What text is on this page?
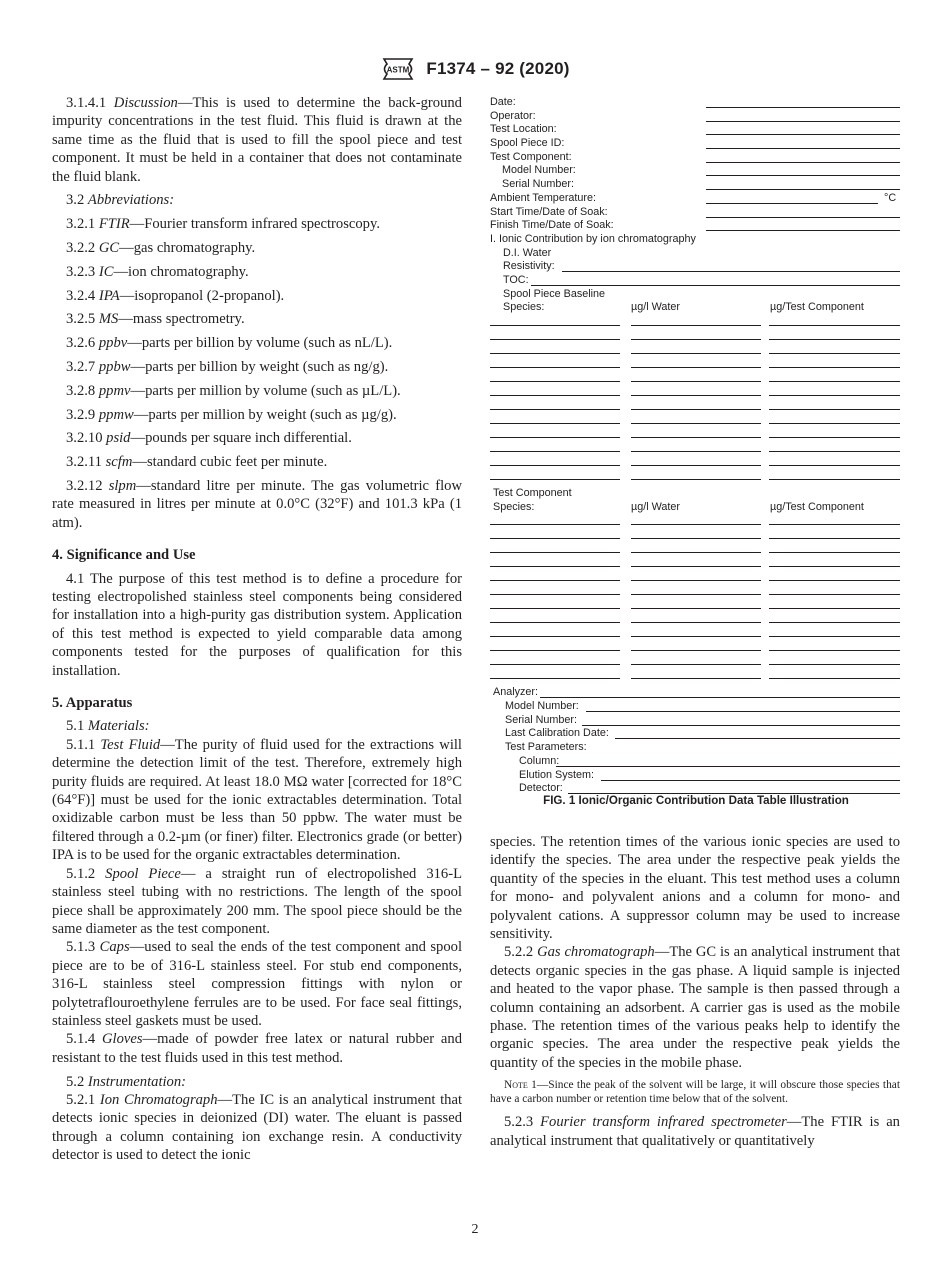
ASTM F1374 – 92 (2020)

3.1.4.1 Discussion—This is used to determine the back-ground impurity concentrations in the test fluid. This fluid is drawn at the same time as the fluid that is used to fill the spool piece and test component. It must be held in a container that does not contaminate the fluid blank.

3.2 Abbreviations:

3.2.1 FTIR—Fourier transform infrared spectroscopy.

3.2.2 GC—gas chromatography.

3.2.3 IC—ion chromatography.

3.2.4 IPA—isopropanol (2-propanol).

3.2.5 MS—mass spectrometry.

3.2.6 ppbv—parts per billion by volume (such as nL/L).

3.2.7 ppbw—parts per billion by weight (such as ng/g).

3.2.8 ppmv—parts per million by volume (such as µL/L).

3.2.9 ppmw—parts per million by weight (such as µg/g).

3.2.10 psid—pounds per square inch differential.

3.2.11 scfm—standard cubic feet per minute.

3.2.12 slpm—standard litre per minute. The gas volumetric flow rate measured in litres per minute at 0.0°C (32°F) and 101.3 kPa (1 atm).

4. Significance and Use

4.1 The purpose of this test method is to define a procedure for testing electropolished stainless steel components being considered for installation into a high-purity gas distribution system. Application of this test method is expected to yield comparable data among components tested for the purposes of qualification for this installation.

5. Apparatus

5.1 Materials:

5.1.1 Test Fluid—The purity of fluid used for the extractions will determine the detection limit of the test. Therefore, extremely high purity fluids are required. At least 18.0 MΩ water [corrected for 18°C (64°F)] must be used for the ionic extractables determination. Total oxidizable carbon must be less than 50 ppbw. The water must be filtered through a 0.2-µm (or finer) filter. Electronics grade (or better) IPA is to be used for the organic extractables determination.

5.1.2 Spool Piece— a straight run of electropolished 316-L stainless steel tubing with no restrictions. The length of the spool piece shall be approximately 200 mm. The spool piece should be the same diameter as the test component.

5.1.3 Caps—used to seal the ends of the test component and spool piece are to be of 316-L stainless steel. For stub end components, 316-L stainless steel compression fittings with nylon or polytetraflouroethylene ferrules are to be used. For face seal fittings, stainless steel gaskets must be used.

5.1.4 Gloves—made of powder free latex or natural rubber and resistant to the test fluids used in this test method.

5.2 Instrumentation:

5.2.1 Ion Chromatograph—The IC is an analytical instrument that detects ionic species in deionized (DI) water. The eluant is passed through a column containing ion exchange resin. A conductivity detector is used to detect the ionic

Date:
Operator:
Test Location:
Spool Piece ID:
Test Component:
Model Number:
Serial Number:
Ambient Temperature:	°C
Start Time/Date of Soak:
Finish Time/Date of Soak:
I. Ionic Contribution by ion chromatography
D.I. Water
Resistivity:
TOC:
Spool Piece Baseline
Species:	µg/l Water	µg/Test Component
Test Component
Species:	µg/l Water	µg/Test Component
Analyzer:
Model Number:
Serial Number:
Last Calibration Date:
Test Parameters:
Column:
Elution System:
Detector:
FIG. 1 Ionic/Organic Contribution Data Table Illustration

species. The retention times of the various ionic species are used to identify the species. The area under the respective peak yields the quantity of the species in the eluant. This test method uses a column for mono- and polyvalent anions and a column for mono- and polyvalent cations. A suppressor column may be used to increase sensitivity.

5.2.2 Gas chromatograph—The GC is an analytical instrument that detects organic species in the gas phase. A liquid sample is injected and heated to the vapor phase. The sample is then passed through a column containing an adsorbent. A carrier gas is used as the mobile phase. The retention times of the various peaks help to identify the organic species. The area under the respective peak yields the quantity of the species in the mobile phase.

Note 1—Since the peak of the solvent will be large, it will obscure those species that have a carbon number or retention time below that of the solvent.

5.2.3 Fourier transform infrared spectrometer—The FTIR is an analytical instrument that qualitatively or quantitatively

2
